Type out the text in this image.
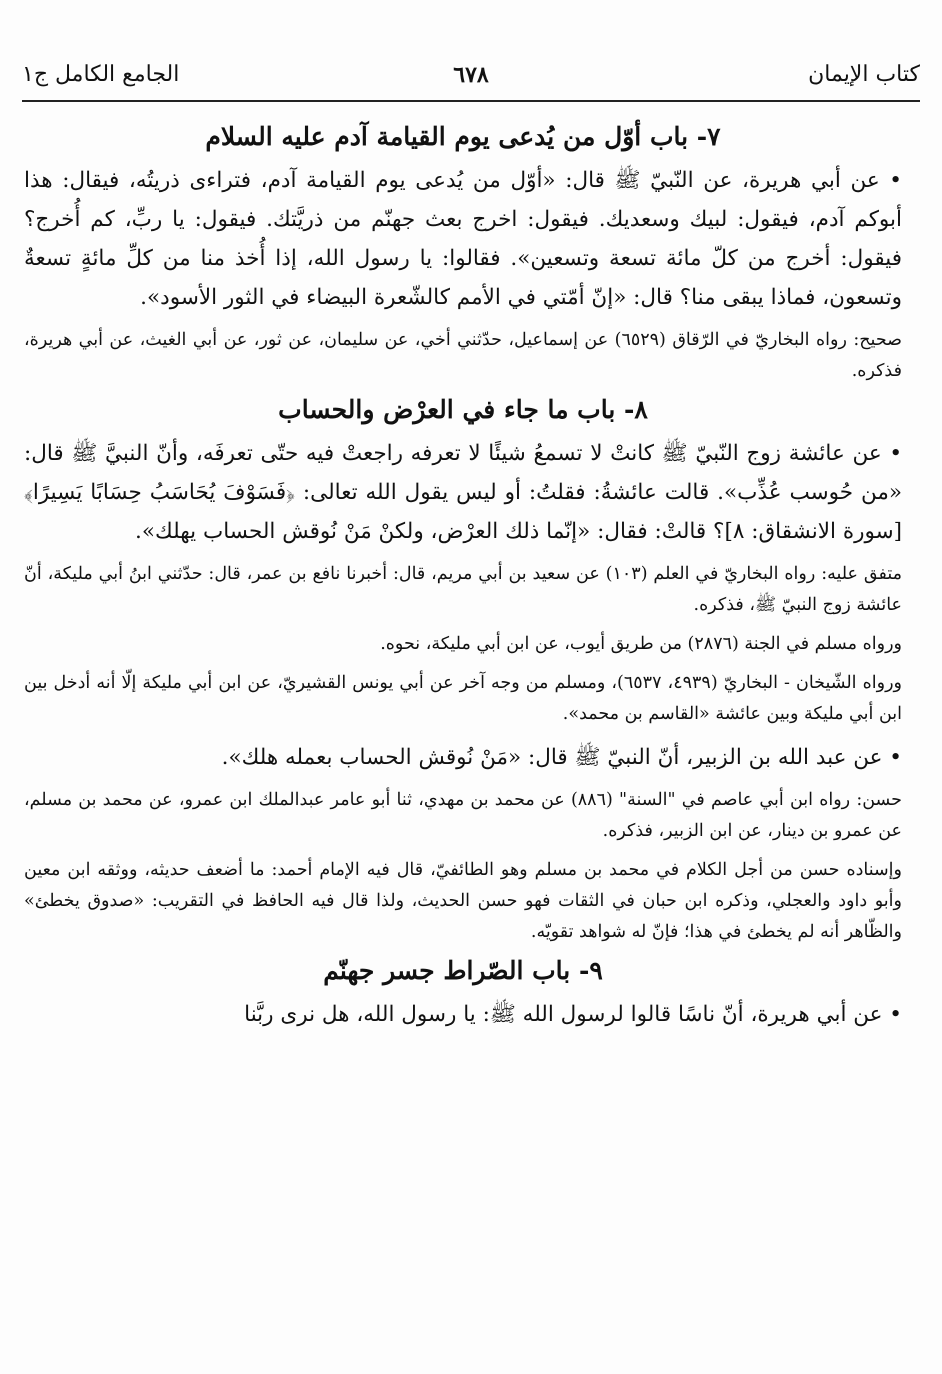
كتاب الإيمان
٦٧٨
الجامع الكامل ج١
٧- باب أوّل من يُدعى يوم القيامة آدم عليه السلام

• عن أبي هريرة، عن النّبيّ ﷺ قال: «أوّل من يُدعى يوم القيامة آدم، فتراءى ذريتُه، فيقال: هذا أبوكم آدم، فيقول: لبيك وسعديك. فيقول: اخرج بعث جهنّم من ذريَّتك. فيقول: يا ربِّ، كم أُخرج؟ فيقول: أخرج من كلّ مائة تسعة وتسعين». فقالوا: يا رسول الله، إذا أُخذ منا من كلِّ مائةٍ تسعةٌ وتسعون، فماذا يبقى منا؟ قال: «إنّ أمّتي في الأمم كالشّعرة البيضاء في الثور الأسود».

صحيح: رواه البخاريّ في الرّقاق (٦٥٢٩) عن إسماعيل، حدّثني أخي، عن سليمان، عن ثور، عن أبي الغيث، عن أبي هريرة، فذكره.

٨- باب ما جاء في العرْض والحساب

• عن عائشة زوج النّبيّ ﷺ كانتْ لا تسمعُ شيئًا لا تعرفه راجعتْ فيه حتّى تعرفَه، وأنّ النبيَّ ﷺ قال: «من حُوسب عُذِّب». قالت عائشةُ: فقلتُ: أو ليس يقول الله تعالى: ﴿فَسَوْفَ يُحَاسَبُ حِسَابًا يَسِيرًا﴾ [سورة الانشقاق: ٨]؟ قالتْ: فقال: «إنّما ذلك العرْض، ولكنْ مَنْ نُوقش الحساب يهلك».

متفق عليه: رواه البخاريّ في العلم (١٠٣) عن سعيد بن أبي مريم، قال: أخبرنا نافع بن عمر، قال: حدّثني ابنُ أبي مليكة، أنّ عائشة زوج النبيّ ﷺ، فذكره.

ورواه مسلم في الجنة (٢٨٧٦) من طريق أيوب، عن ابن أبي مليكة، نحوه.

ورواه الشّيخان - البخاريّ (٤٩٣٩، ٦٥٣٧)، ومسلم من وجه آخر عن أبي يونس القشيريّ، عن ابن أبي مليكة إلّا أنه أدخل بين ابن أبي مليكة وبين عائشة «القاسم بن محمد».

• عن عبد الله بن الزبير، أنّ النبيّ ﷺ قال: «مَنْ نُوقش الحساب بعمله هلك».

حسن: رواه ابن أبي عاصم في "السنة" (٨٨٦) عن محمد بن مهدي، ثنا أبو عامر عبدالملك ابن عمرو، عن محمد بن مسلم، عن عمرو بن دينار، عن ابن الزبير، فذكره.

وإسناده حسن من أجل الكلام في محمد بن مسلم وهو الطائفيّ، قال فيه الإمام أحمد: ما أضعف حديثه، ووثقه ابن معين وأبو داود والعجلي، وذكره ابن حبان في الثقات فهو حسن الحديث، ولذا قال فيه الحافظ في التقريب: «صدوق يخطئ» والظّاهر أنه لم يخطئ في هذا؛ فإنّ له شواهد تقويّه.

٩- باب الصّراط جسر جهنّم

• عن أبي هريرة، أنّ ناسًا قالوا لرسول الله ﷺ: يا رسول الله، هل نرى ربَّنا
